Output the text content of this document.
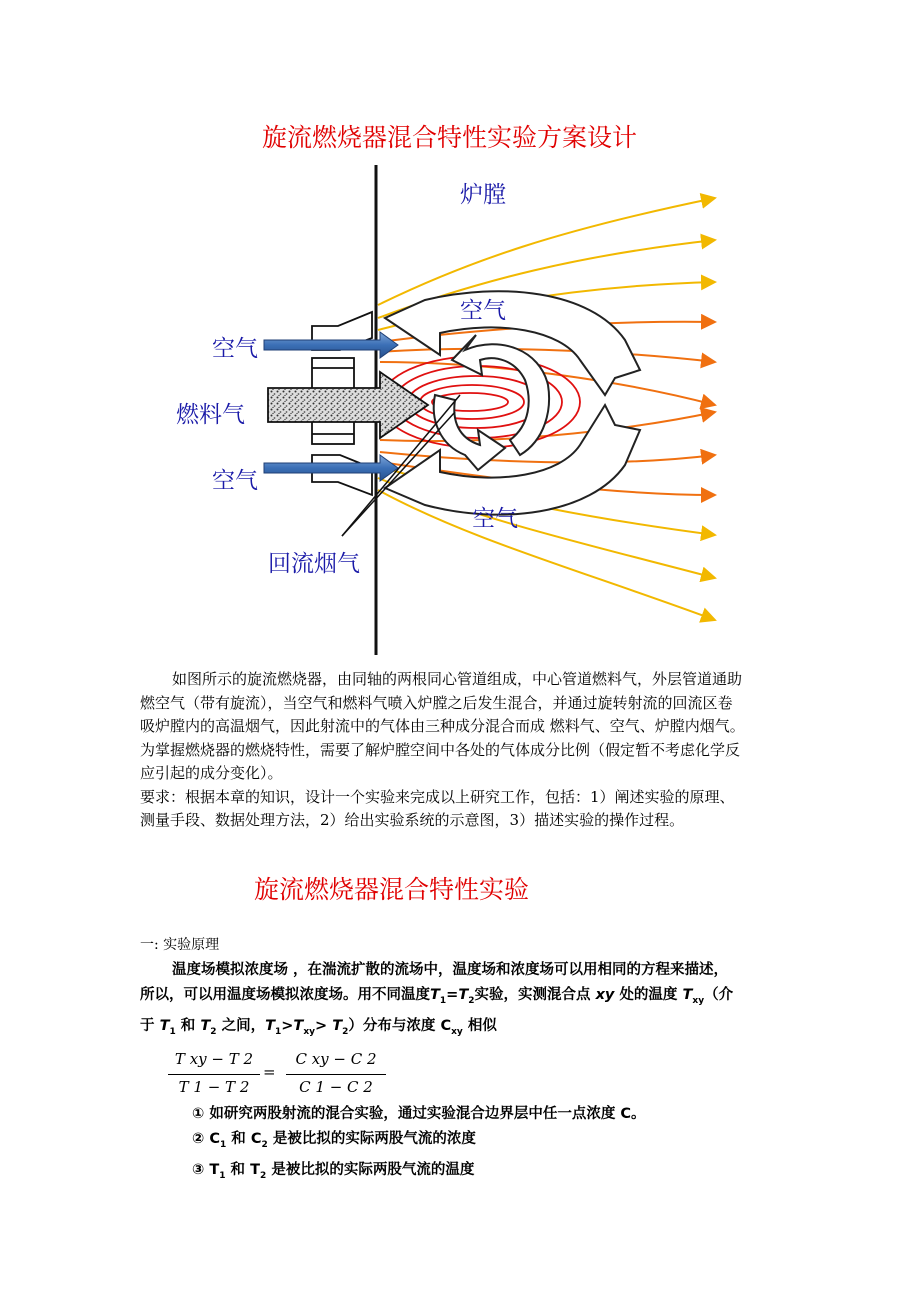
旋流燃烧器混合特性实验方案设计
炉膛
空气
空气
空气
燃料气
空气
回流烟气
如图所示的旋流燃烧器，由同轴的两根同心管道组成，中心管道燃料气，外层管道通助
燃空气（带有旋流），当空气和燃料气喷入炉膛之后发生混合，并通过旋转射流的回流区卷
吸炉膛内的高温烟气，因此射流中的气体由三种成分混合而成 燃料气、空气、炉膛内烟气。
为掌握燃烧器的燃烧特性，需要了解炉膛空间中各处的气体成分比例（假定暂不考虑化学反
应引起的成分变化）。
要求：根据本章的知识，设计一个实验来完成以上研究工作，包括：1）阐述实验的原理、
测量手段、数据处理方法，2）给出实验系统的示意图，3）描述实验的操作过程。
旋流燃烧器混合特性实验
一: 实验原理
温度场模拟浓度场 ，在湍流扩散的流场中，温度场和浓度场可以用相同的方程来描述，
所以，可以用温度场模拟浓度场。用不同温度$T_1=T_2$实验，实测混合点 xy 处的温度 $T_{xy}$（介
于 $T_1$ 和 $T_2$ 之间，$T_1>T_{xy}> T_2$）分布与浓度 $C_{xy}$ 相似
T xy − T 2
T 1 − T 2
=
C xy − C 2
C 1 − C 2
① 如研究两股射流的混合实验，通过实验混合边界层中任一点浓度 C。
② $C_1$ 和 $C_2$ 是被比拟的实际两股气流的浓度
③ $T_1$ 和 $T_2$ 是被比拟的实际两股气流的温度
